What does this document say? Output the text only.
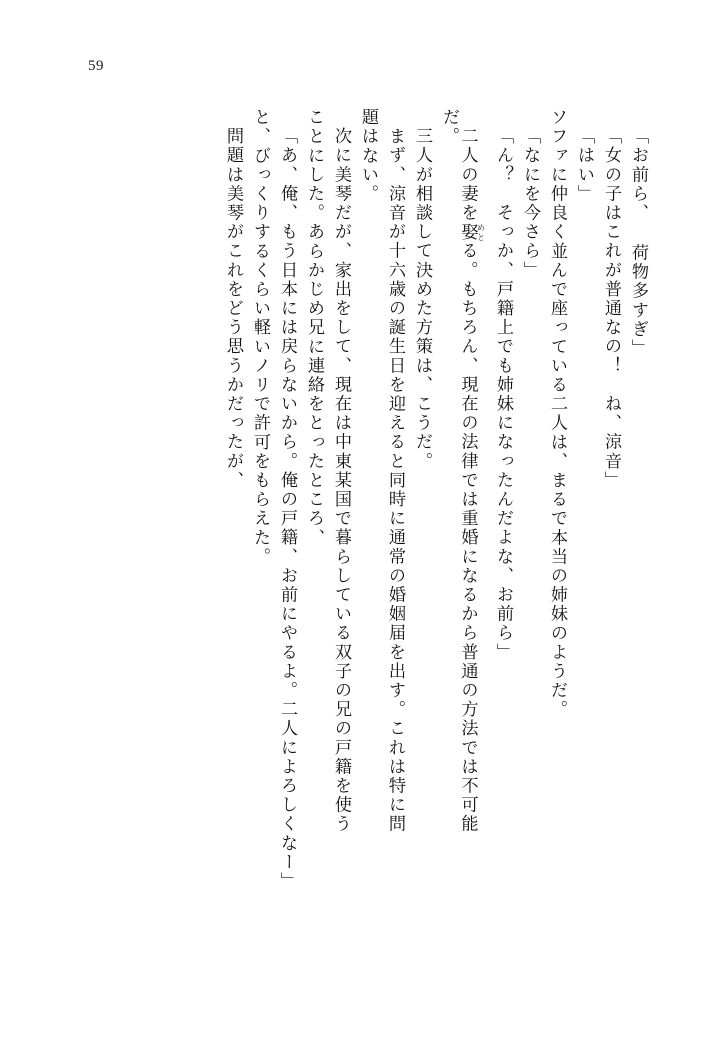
59
「お前ら、 荷物多すぎ」
「女の子はこれが普通なの！　ね、涼音」
「はい」
ソファに仲良く並んで座っている二人は、まるで本当の姉妹のようだ。
「なにを今さら」
「ん？　そっか、戸籍上でも姉妹になったんだよな、お前ら」
二人の妻を娶 めとる。もちろん、現在の法律では重婚になるから普通の方法では不可能
だ。
三人が相談して決めた方策は、こうだ。
まず、涼音が十六歳の誕生日を迎えると同時に通常の婚姻届を出す。これは特に問
題はない。
次に美琴だが、家出をして、現在は中東某国で暮らしている双子の兄の戸籍を使う
ことにした。あらかじめ兄に連絡をとったところ、
「あ、俺、もう日本には戻らないから。俺の戸籍、お前にやるよ。二人によろしくなー」
と、びっくりするくらい軽いノリで許可をもらえた。
問題は美琴がこれをどう思うかだったが、
